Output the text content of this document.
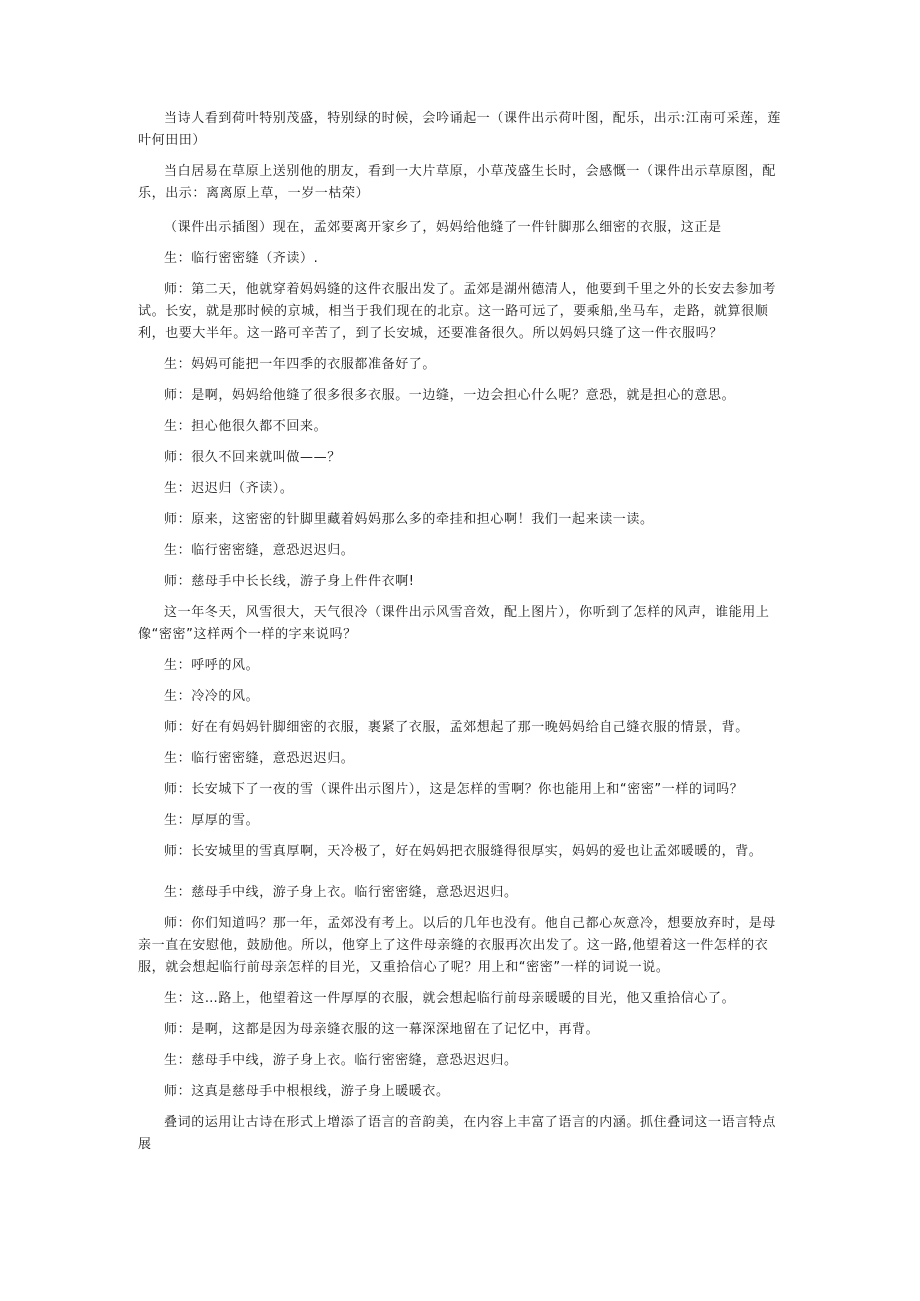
当诗人看到荷叶特别茂盛，特别绿的时候，会吟诵起一（课件出示荷叶图，配乐，出示:江南可采莲，莲叶何田田）

当白居易在草原上送别他的朋友，看到一大片草原，小草茂盛生长时，会感慨一（课件出示草原图，配乐，出示：离离原上草，一岁一枯荣）

（课件出示插图）现在，孟郊要离开家乡了，妈妈给他缝了一件针脚那么细密的衣服，这正是

生：临行密密缝（齐读）.

师：第二天，他就穿着妈妈缝的这件衣服出发了。孟郊是湖州德清人，他要到千里之外的长安去参加考试。长安，就是那时候的京城，相当于我们现在的北京。这一路可远了，要乘船,坐马车，走路，就算很顺利，也要大半年。这一路可辛苦了，到了长安城，还要准备很久。所以妈妈只缝了这一件衣服吗？

生：妈妈可能把一年四季的衣服都准备好了。

师：是啊，妈妈给他缝了很多很多衣服。一边缝，一边会担心什么呢？意恐，就是担心的意思。

生：担心他很久都不回来。

师：很久不回来就叫做——？

生：迟迟归（齐读）。

师：原来，这密密的针脚里藏着妈妈那么多的牵挂和担心啊！我们一起来读一读。

生：临行密密缝，意恐迟迟归。

师：慈母手中长长线，游子身上件件衣啊!

这一年冬天，风雪很大，天气很冷（课件出示风雪音效，配上图片），你听到了怎样的风声，谁能用上像“密密”这样两个一样的字来说吗？

生：呼呼的风。

生：冷冷的风。

师：好在有妈妈针脚细密的衣服，裹紧了衣服，孟郊想起了那一晚妈妈给自己缝衣服的情景，背。

生：临行密密缝，意恐迟迟归。

师：长安城下了一夜的雪（课件出示图片），这是怎样的雪啊？你也能用上和“密密”一样的词吗？

生：厚厚的雪。

师：长安城里的雪真厚啊，天冷极了，好在妈妈把衣服缝得很厚实，妈妈的爱也让孟郊暖暖的，背。

生：慈母手中线，游子身上衣。临行密密缝，意恐迟迟归。

师：你们知道吗？那一年，孟郊没有考上。以后的几年也没有。他自己都心灰意冷，想要放弃时，是母亲一直在安慰他，鼓励他。所以，他穿上了这件母亲缝的衣服再次出发了。这一路,他望着这一件怎样的衣服，就会想起临行前母亲怎样的目光，又重拾信心了呢？用上和“密密”一样的词说一说。

生：这…路上，他望着这一件厚厚的衣服，就会想起临行前母亲暖暖的目光，他又重拾信心了。

师：是啊，这都是因为母亲缝衣服的这一幕深深地留在了记忆中，再背。

生：慈母手中线，游子身上衣。临行密密缝，意恐迟迟归。

师：这真是慈母手中根根线，游子身上暖暖衣。

叠词的运用让古诗在形式上增添了语言的音韵美，在内容上丰富了语言的内涵。抓住叠词这一语言特点展
